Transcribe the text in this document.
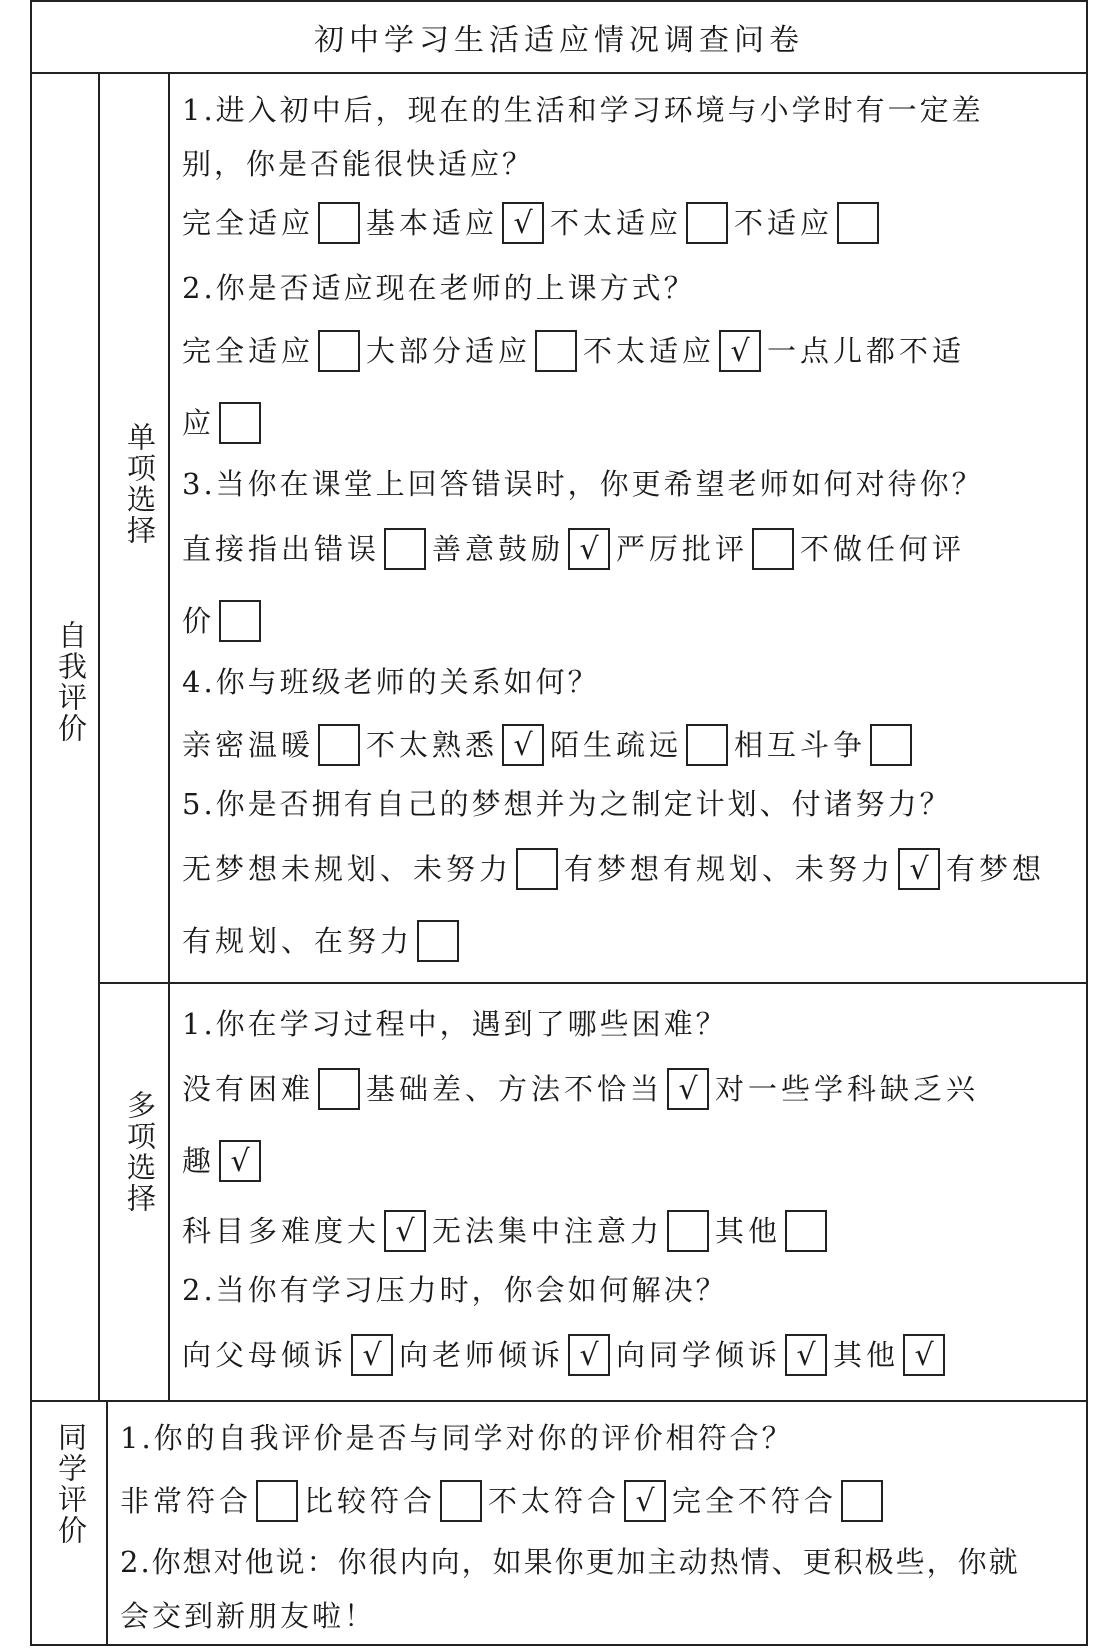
初中学习生活适应情况调查问卷
自我评价
单项选择
多项选择
同学评价
1.进入初中后，现在的生活和学习环境与小学时有一定差
别，你是否能很快适应？
完全适应 基本适应 √ 不太适应 不适应
2.你是否适应现在老师的上课方式？
完全适应 大部分适应 不太适应 √ 一点儿都不适
应
3.当你在课堂上回答错误时，你更希望老师如何对待你？
直接指出错误 善意鼓励 √ 严厉批评 不做任何评
价
4.你与班级老师的关系如何？
亲密温暖 不太熟悉 √ 陌生疏远 相互斗争
5.你是否拥有自己的梦想并为之制定计划、付诸努力？
无梦想未规划、未努力 有梦想有规划、未努力 √ 有梦想
有规划、在努力
1.你在学习过程中，遇到了哪些困难？
没有困难 基础差、方法不恰当 √ 对一些学科缺乏兴
趣
√
科目多难度大 √ 无法集中注意力 其他
2.当你有学习压力时，你会如何解决？
向父母倾诉 √ 向老师倾诉 √ 向同学倾诉 √ 其他
√
1.你的自我评价是否与同学对你的评价相符合？
非常符合 比较符合 不太符合 √ 完全不符合
2.你想对他说：你很内向，如果你更加主动热情、更积极些，你就
会交到新朋友啦！
